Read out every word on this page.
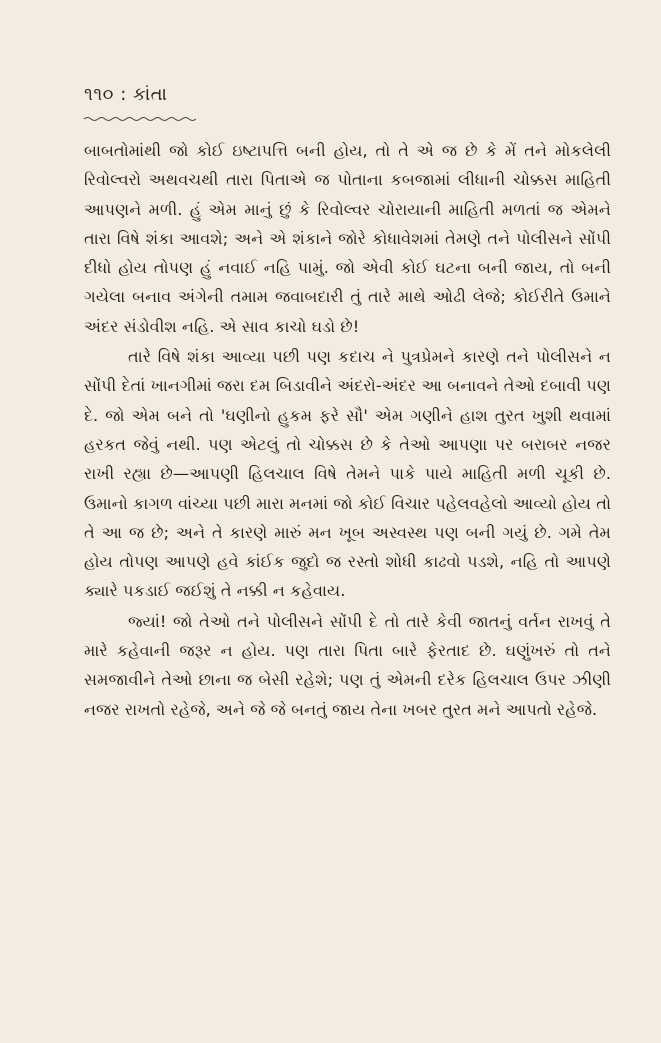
૧૧૦ : કાંતા

બાબતોમાંથી જો કોઈ ઇષ્ટાપત્તિ બની હોય, તો તે એ જ છે કે મેં તને મોકલેલી રિવોલ્વરો અથવચથી તારા પિતાએ જ પોતાના કબજામાં લીધાની ચોક્કસ માહિતી આપણને મળી. હું એમ માનું છું કે રિવોલ્વર ચોરાયાની માહિતી મળતાં જ એમને તારા વિષે શંકા આવશે; અને એ શંકાને જોરે કોધાવેશમાં તેમણે તને પોલીસને સોંપી દીધો હોય તોપણ હું નવાઈ નહિ પામું. જો એવી કોઈ ઘટના બની જાય, તો બની ગયેલા બનાવ અંગેની તમામ જવાબદારી તું તારે માથે ઓઢી લેજે; કોઈરીતે ઉમાને અંદર સંડોવીશ નહિ. એ સાવ કાચો ઘડો છે!

તારે વિષે શંકા આવ્યા પછી પણ કદાચ ને પુત્રપ્રેમને કારણે તને પોલીસને ન સોંપી દેતાં ખાનગીમાં જરા દમ બિડાવીને અંદરો-અંદર આ બનાવને તેઓ દબાવી પણ દે. જો એમ બને તો 'ઘણીનો હુકમ ફરે સૌ' એમ ગણીને હાશ તુરત ખુશી થવામાં હરકત જેવું નથી. પણ એટલું તો ચોક્કસ છે કે તેઓ આપણા પર બરાબર નજર રાખી રહ્યા છે—આપણી હિલચાલ વિષે તેમને પાકે પાયે માહિતી મળી ચૂકી છે. ઉમાનો કાગળ વાંચ્યા પછી મારા મનમાં જો કોઈ વિચાર પહેલવહેલો આવ્યો હોય તો તે આ જ છે; અને તે કારણે મારું મન ખૂબ અસ્વસ્થ પણ બની ગયું છે. ગમે તેમ હોય તોપણ આપણે હવે કાંઈક જુદો જ રસ્તો શોધી કાઢવો પડશે, નહિ તો આપણે ક્યારે પકડાઈ જઈશું તે નક્કી ન કહેવાય.

જ્યાં! જો તેઓ તને પોલીસને સોંપી દે તો તારે કેવી જાતનું વર્તન રાખવું તે મારે કહેવાની જરૂર ન હોય. પણ તારા પિતા બારે ફેરતાદ છે. ઘણુંખરું તો તને સમજાવીને તેઓ છાના જ બેસી રહેશે; પણ તું એમની દરેક હિલચાલ ઉપર ઝીણી નજર રાખતો રહેજે, અને જે જે બનતું જાય તેના ખબર તુરત મને આપતો રહેજે.
